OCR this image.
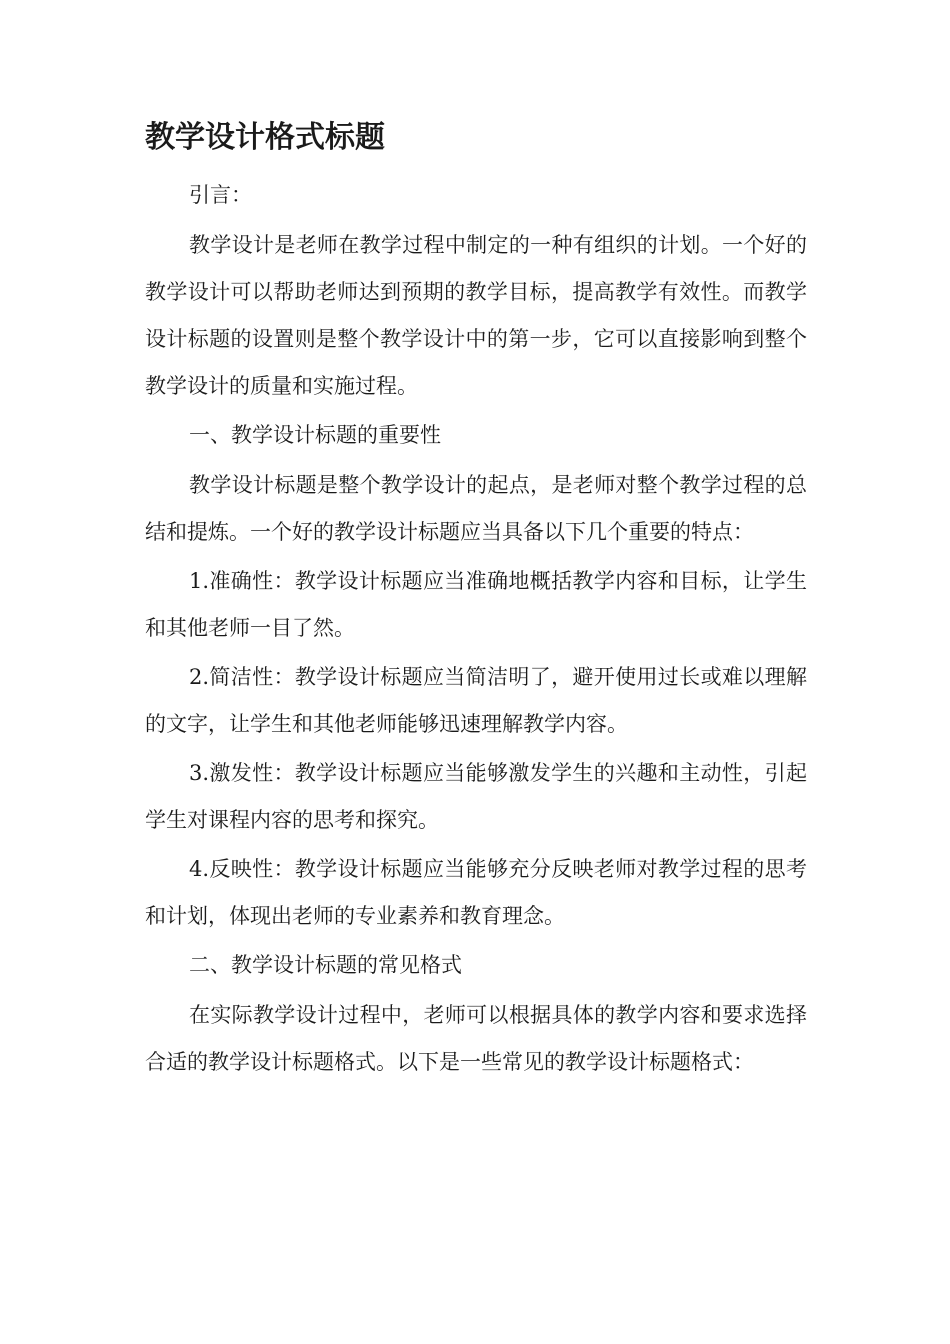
教学设计格式标题

引言：

教学设计是老师在教学过程中制定的一种有组织的计划。一个好的教学设计可以帮助老师达到预期的教学目标，提高教学有效性。而教学设计标题的设置则是整个教学设计中的第一步，它可以直接影响到整个教学设计的质量和实施过程。

一、教学设计标题的重要性

教学设计标题是整个教学设计的起点，是老师对整个教学过程的总结和提炼。一个好的教学设计标题应当具备以下几个重要的特点：

1.准确性：教学设计标题应当准确地概括教学内容和目标，让学生和其他老师一目了然。

2.简洁性：教学设计标题应当简洁明了，避开使用过长或难以理解的文字，让学生和其他老师能够迅速理解教学内容。

3.激发性：教学设计标题应当能够激发学生的兴趣和主动性，引起学生对课程内容的思考和探究。

4.反映性：教学设计标题应当能够充分反映老师对教学过程的思考和计划，体现出老师的专业素养和教育理念。

二、教学设计标题的常见格式

在实际教学设计过程中，老师可以根据具体的教学内容和要求选择合适的教学设计标题格式。以下是一些常见的教学设计标题格式：
